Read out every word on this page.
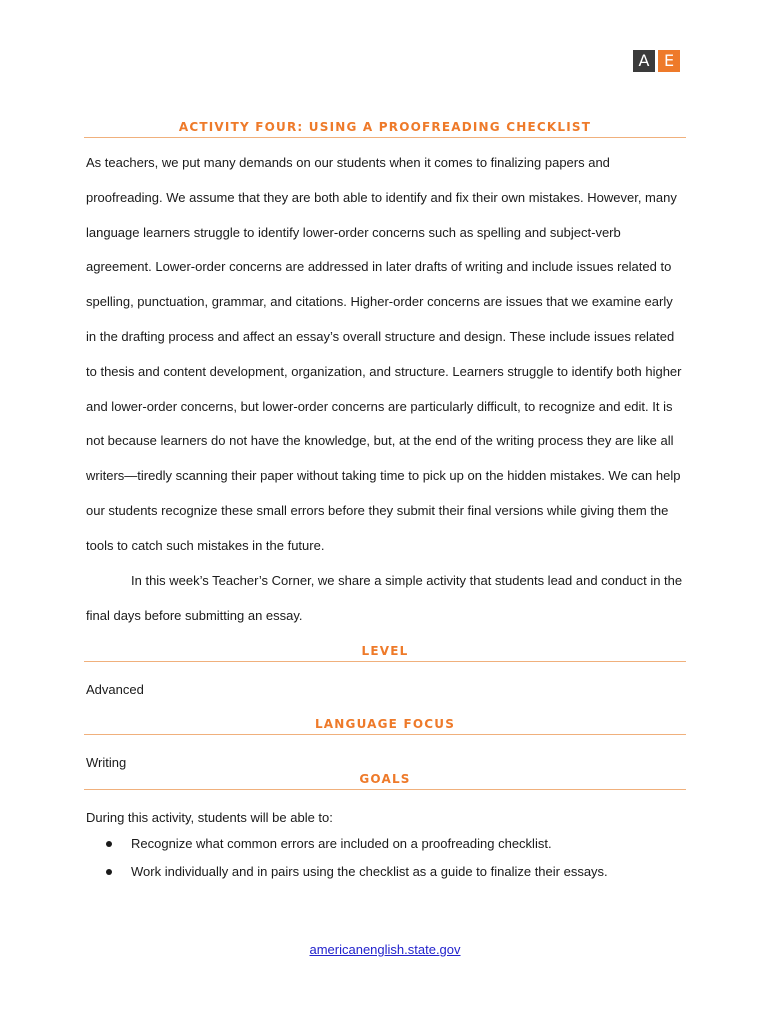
A E
ACTIVITY FOUR: USING A PROOFREADING CHECKLIST

As teachers, we put many demands on our students when it comes to finalizing papers and proofreading. We assume that they are both able to identify and fix their own mistakes. However, many language learners struggle to identify lower-order concerns such as spelling and subject-verb agreement. Lower-order concerns are addressed in later drafts of writing and include issues related to spelling, punctuation, grammar, and citations. Higher-order concerns are issues that we examine early in the drafting process and affect an essay’s overall structure and design. These include issues related to thesis and content development, organization, and structure. Learners struggle to identify both higher and lower-order concerns, but lower-order concerns are particularly difficult, to recognize and edit. It is not because learners do not have the knowledge, but, at the end of the writing process they are like all writers—tiredly scanning their paper without taking time to pick up on the hidden mistakes. We can help our students recognize these small errors before they submit their final versions while giving them the tools to catch such mistakes in the future.

In this week’s Teacher’s Corner, we share a simple activity that students lead and conduct in the final days before submitting an essay.

LEVEL

Advanced

LANGUAGE FOCUS

Writing

GOALS

During this activity, students will be able to:

Recognize what common errors are included on a proofreading checklist.
Work individually and in pairs using the checklist as a guide to finalize their essays.
americanenglish.state.gov
